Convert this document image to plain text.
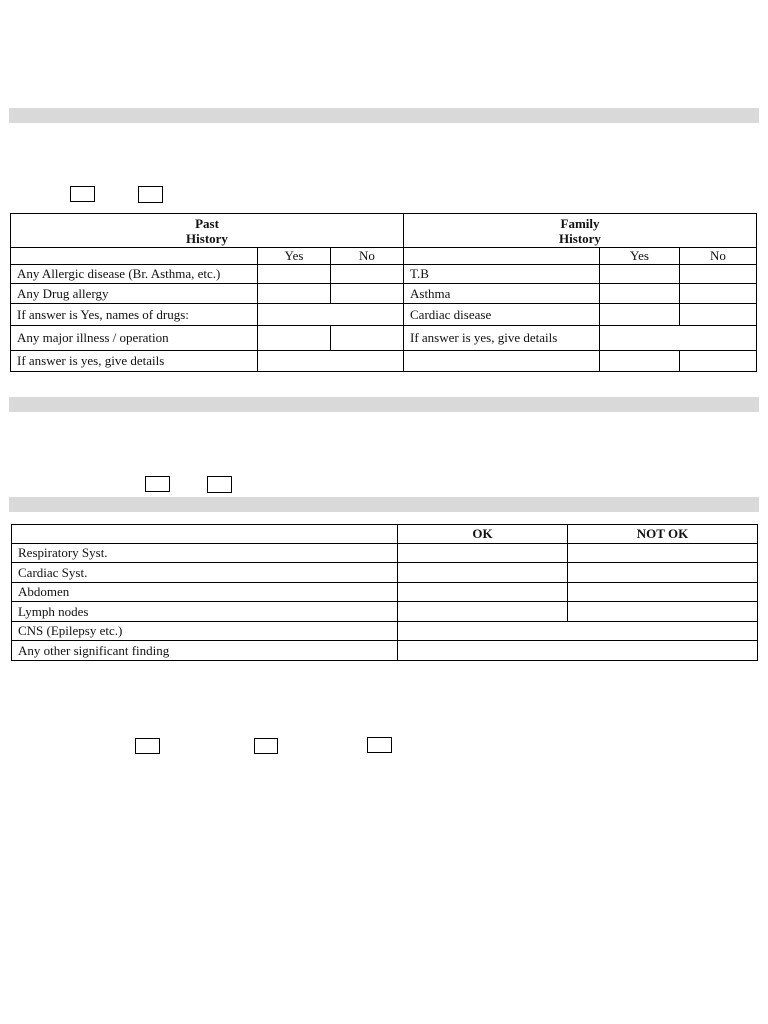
Past
History			Family
History		
	Yes	No		Yes	No
Any Allergic disease (Br. Asthma, etc.)			T.B		
Any Drug allergy			Asthma		
If answer is Yes, names of drugs:			Cardiac disease		
Any major illness / operation			If answer is yes, give details		
If answer is yes, give details					
	OK	NOT OK
Respiratory Syst.		
Cardiac Syst.		
Abdomen		
Lymph nodes		
CNS (Epilepsy etc.)		
Any other significant finding		
